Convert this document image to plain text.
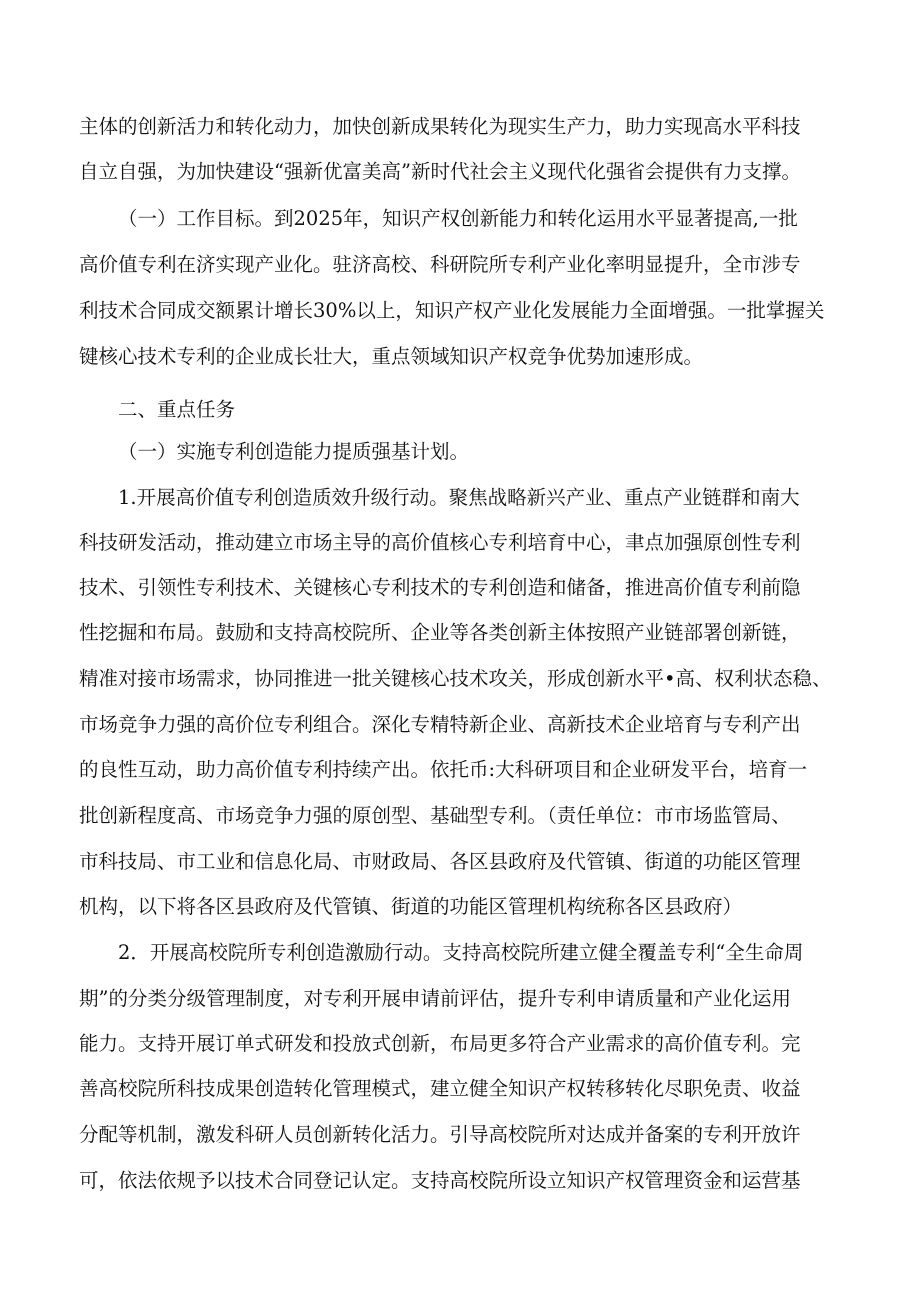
主体的创新活力和转化动力，加快创新成果转化为现实生产力，助力实现高水平科技

自立自强，为加快建设“强新优富美高”新时代社会主义现代化强省会提供有力支撑。

（一）工作目标。到2025年，知识产权创新能力和转化运用水平显著提高,一批

高价值专利在济实现产业化。驻济高校、科研院所专利产业化率明显提升，全市涉专

利技术合同成交额累计增长30%以上，知识产权产业化发展能力全面增强。一批掌握关

键核心技术专利的企业成长壮大，重点领域知识产权竞争优势加速形成。

二、重点任务

（一）实施专利创造能力提质强基计划。

1.开展高价值专利创造质效升级行动。聚焦战略新兴产业、重点产业链群和南大

科技研发活动，推动建立市场主导的高价值核心专利培育中心，聿点加强原创性专利

技术、引领性专利技术、关键核心专利技术的专利创造和储备，推进高价值专利前隐

性挖掘和布局。鼓励和支持高校院所、企业等各类创新主体按照产业链部署创新链，

精准对接市场需求，协同推进一批关键核心技术攻关，形成创新水平•高、权利状态稳、

市场竞争力强的高价位专利组合。深化专精特新企业、高新技术企业培育与专利产出

的良性互动，助力高价值专利持续产出。依托币:大科研项目和企业研发平台，培育一

批创新程度高、市场竞争力强的原创型、基础型专利。（责任单位：市市场监管局、

市科技局、市工业和信息化局、市财政局、各区县政府及代管镇、街道的功能区管理

机构，以下将各区县政府及代管镇、街道的功能区管理机构统称各区县政府）

2．开展高校院所专利创造激励行动。支持高校院所建立健全覆盖专利“全生命周

期”的分类分级管理制度，对专利开展申请前评估，提升专利申请质量和产业化运用

能力。支持开展订单式研发和投放式创新，布局更多符合产业需求的高价值专利。完

善高校院所科技成果创造转化管理模式，建立健全知识产权转移转化尽职免责、收益

分配等机制，激发科研人员创新转化活力。引导高校院所对达成并备案的专利开放许

可，依法依规予以技术合同登记认定。支持高校院所设立知识产权管理资金和运营基
